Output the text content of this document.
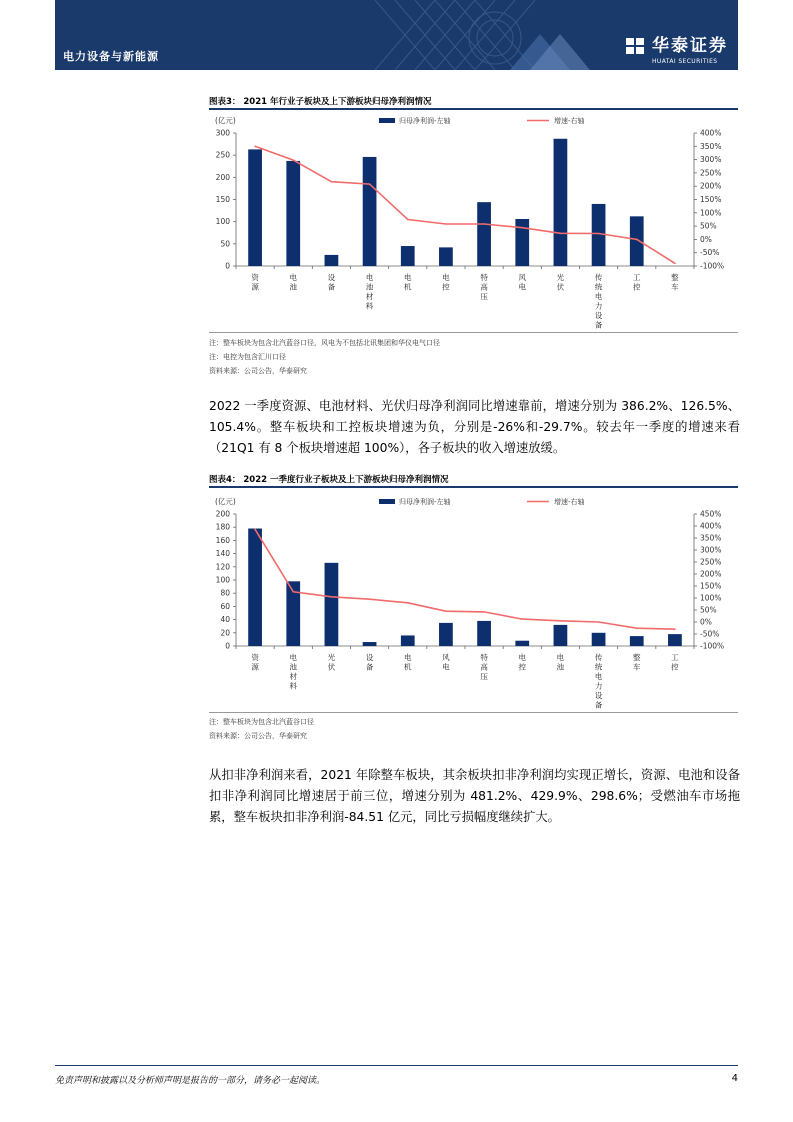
电力设备与新能源
华泰证券
HUATAI SECURITIES
图表3： 2021 年行业子板块及上下游板块归母净利润情况
(亿元)	归母净利润-左轴	增速-右轴
0
50
100
150
200
250
300
-100%
-50%
0%
50%
100%
150%
200%
250%
300%
350%
400%
资源
电池
设备
电池材料
电机
电控
特高压
风电
光伏
传统电力设备
工控
整车
注：整车板块为包含北汽蓝谷口径，风电为不包括北讯集团和华仪电气口径
注：电控为包含汇川口径
资料来源：公司公告，华泰研究
2022 一季度资源、电池材料、光伏归母净利润同比增速靠前，增速分别为 386.2%、126.5%、105.4%。整车板块和工控板块增速为负，分别是-26%和-29.7%。较去年一季度的增速来看（21Q1 有 8 个板块增速超 100%），各子板块的收入增速放缓。
图表4： 2022 一季度行业子板块及上下游板块归母净利润情况
(亿元)	归母净利润-左轴	增速-右轴
0
20
40
60
80
100
120
140
160
180
200
-100%
-50%
0%
50%
100%
150%
200%
250%
300%
350%
400%
450%
资源
电池材料
光伏
设备
电机
风电
特高压
电控
电池
传统电力设备
整车
工控
注：整车板块为包含北汽蓝谷口径
资料来源：公司公告，华泰研究
从扣非净利润来看，2021 年除整车板块，其余板块扣非净利润均实现正增长，资源、电池和设备扣非净利润同比增速居于前三位，增速分别为 481.2%、429.9%、298.6%；受燃油车市场拖累，整车板块扣非净利润-84.51 亿元，同比亏损幅度继续扩大。
免责声明和披露以及分析师声明是报告的一部分，请务必一起阅读。	4
